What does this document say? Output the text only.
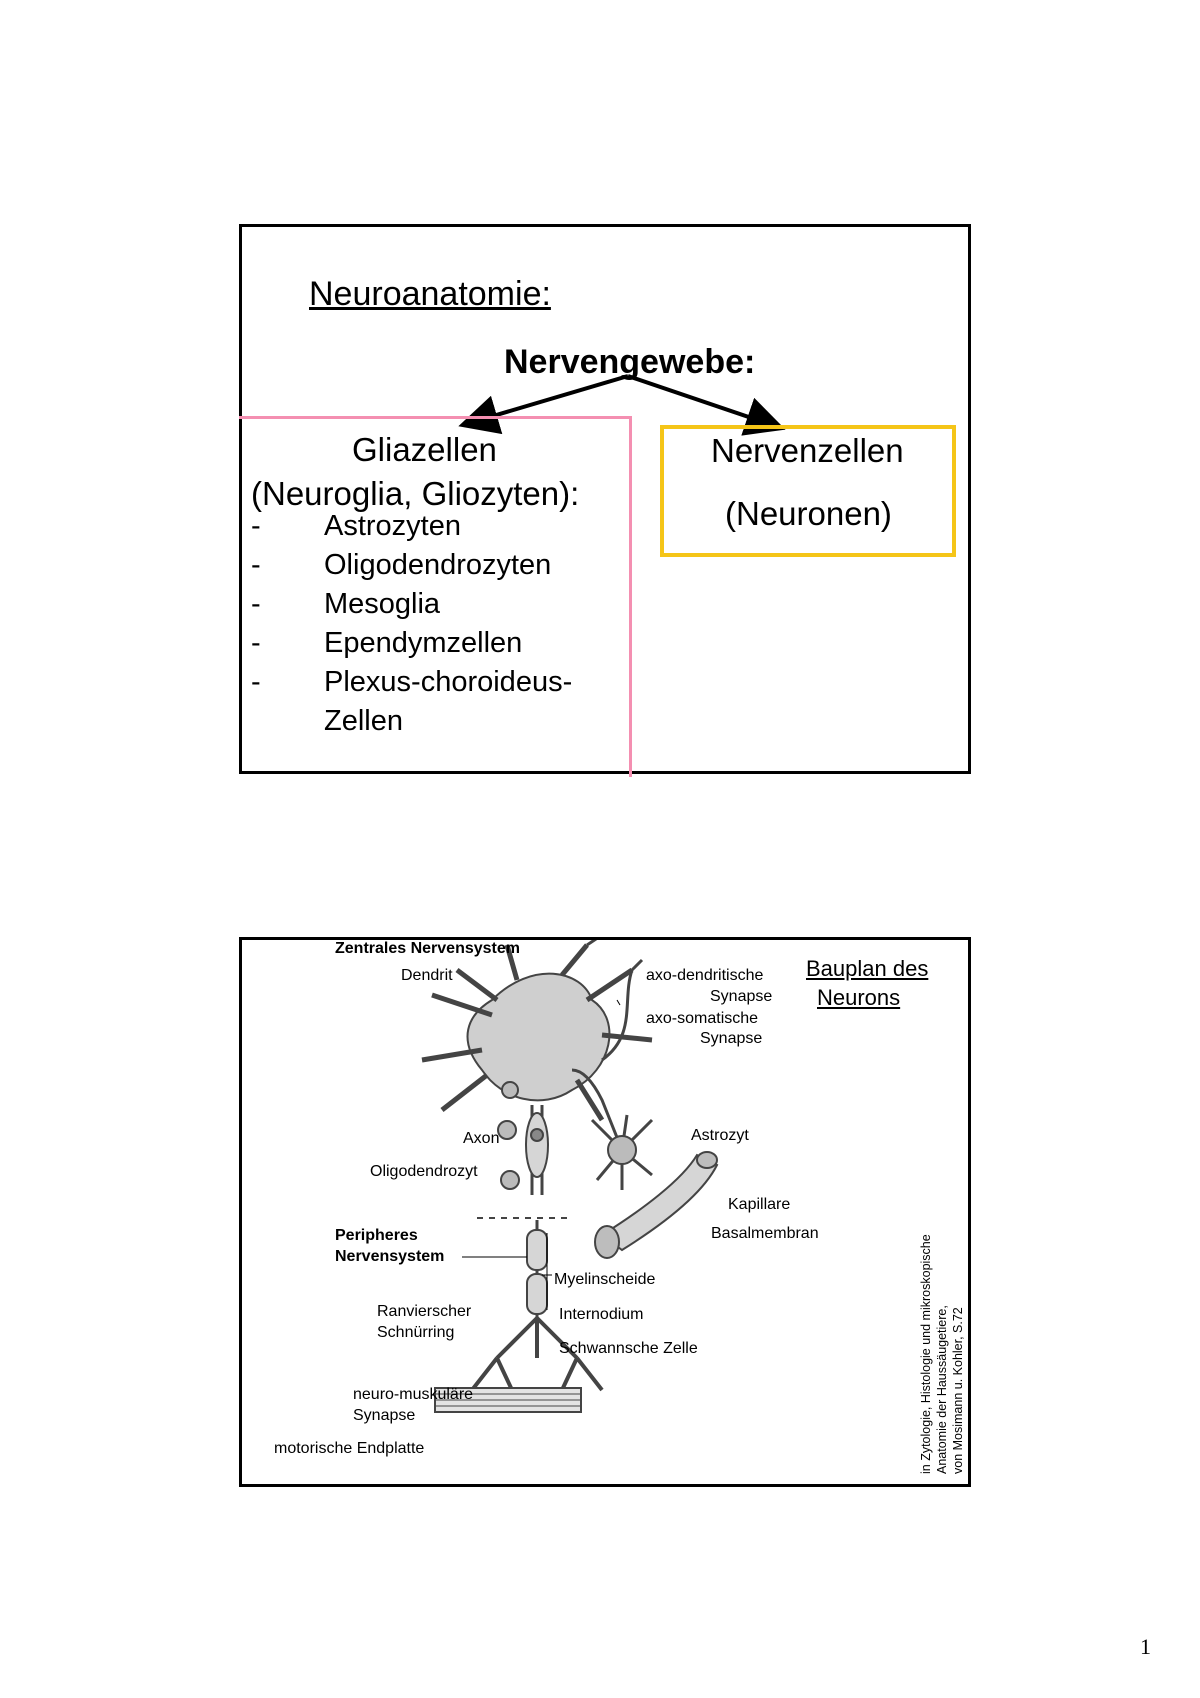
Neuroanatomie:
Nervengewebe:
Gliazellen
(Neuroglia, Gliozyten):
- Astrozyten
- Oligodendrozyten
- Mesoglia
- Ependymzellen
- Plexus-choroideus-
Zellen
Nervenzellen
(Neuronen)
Zentrales Nervensystem
Dendrit	axo-dendritische
Synapse
axo-somatische
Synapse
Bauplan des
Neurons
Axon	Astrozyt
Oligodendrozyt
Kapillare
Basalmembran
Peripheres
Nervensystem
Myelinscheide
Ranvierscher
Schnürring
Internodium
Schwannsche Zelle
neuro-muskuläre
Synapse
motorische Endplatte	in Zytologie, Histologie und mikroskopische Anatomie der Haussäugetiere, von Mosimann u. Kohler, S.72
1
